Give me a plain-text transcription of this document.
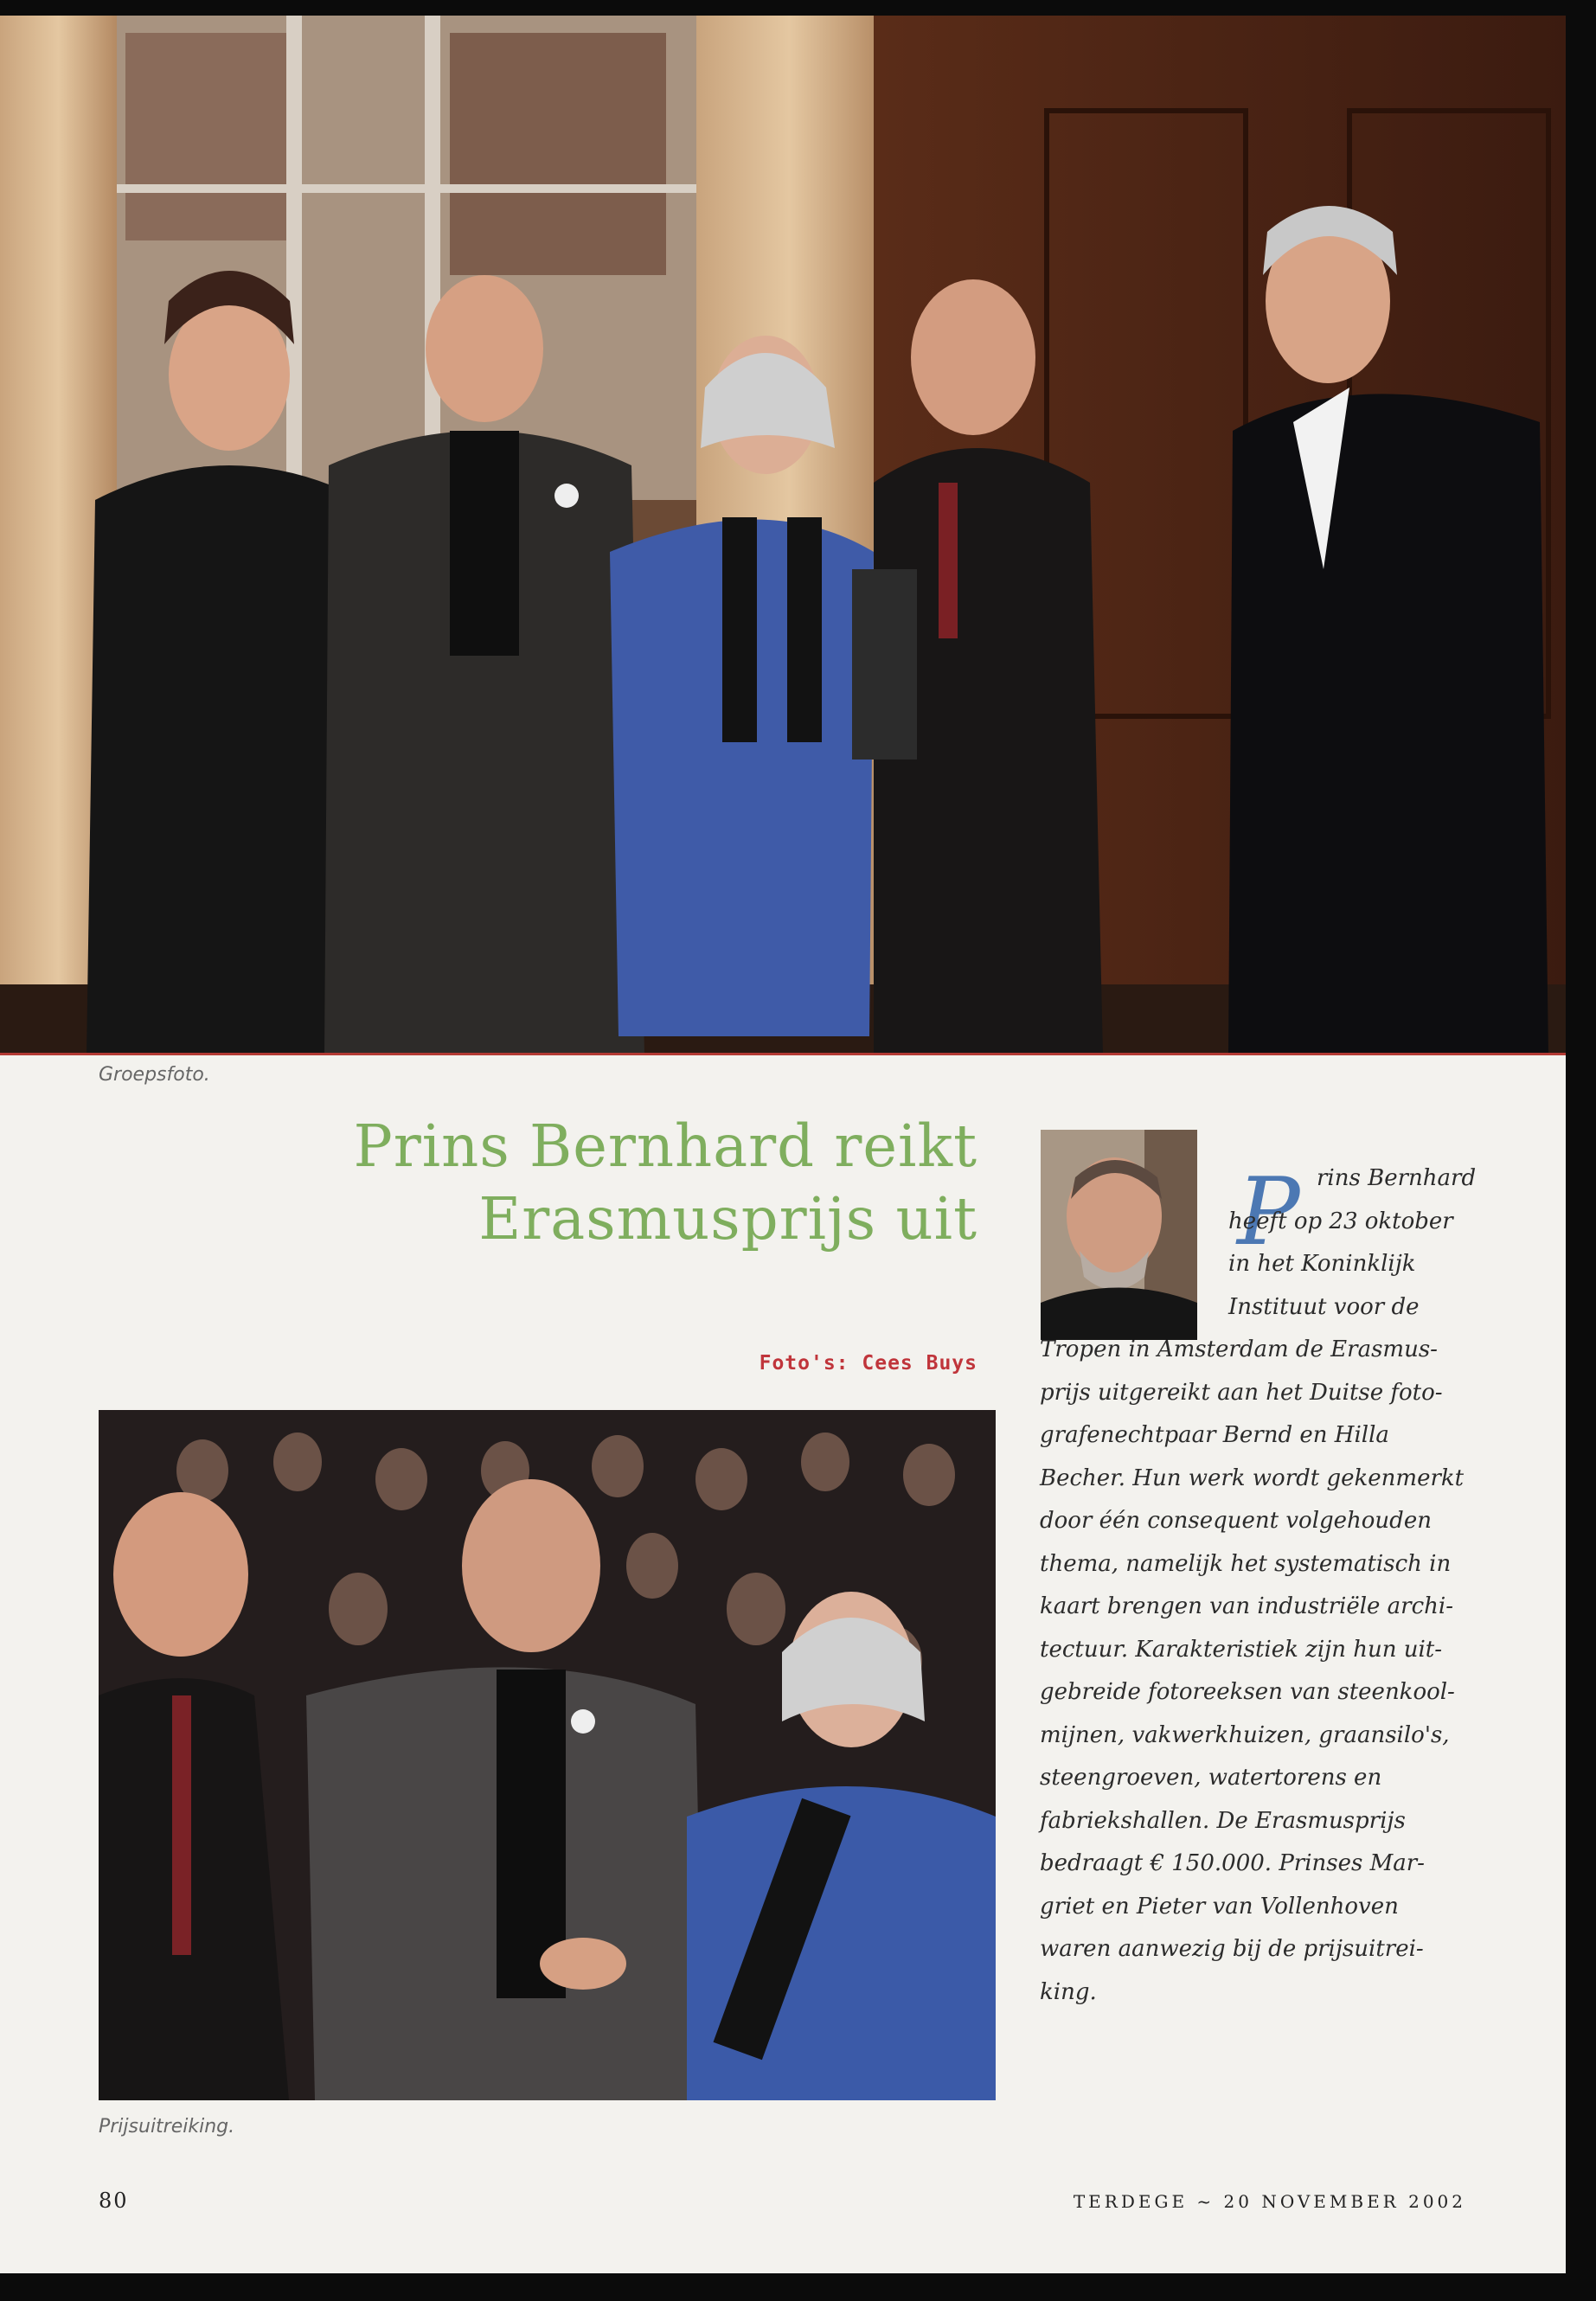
Groepsfoto.
Prins Bernhard reikt
Erasmusprijs uit
Foto's: Cees Buys
Prijsuitreiking.
P rins Bernhard
heeft op 23 oktober
in het Koninklijk
Instituut voor de
Tropen in Amsterdam de Erasmus-
prijs uitgereikt aan het Duitse foto-
grafenechtpaar Bernd en Hilla
Becher. Hun werk wordt gekenmerkt
door één consequent volgehouden
thema, namelijk het systematisch in
kaart brengen van industriële archi-
tectuur. Karakteristiek zijn hun uit-
gebreide fotoreeksen van steenkool-
mijnen, vakwerkhuizen, graansilo's,
steengroeven, watertorens en
fabriekshallen. De Erasmusprijs
bedraagt € 150.000. Prinses Mar-
griet en Pieter van Vollenhoven
waren aanwezig bij de prijsuitrei-
king.
80	TERDEGE ~ 20 NOVEMBER 2002
